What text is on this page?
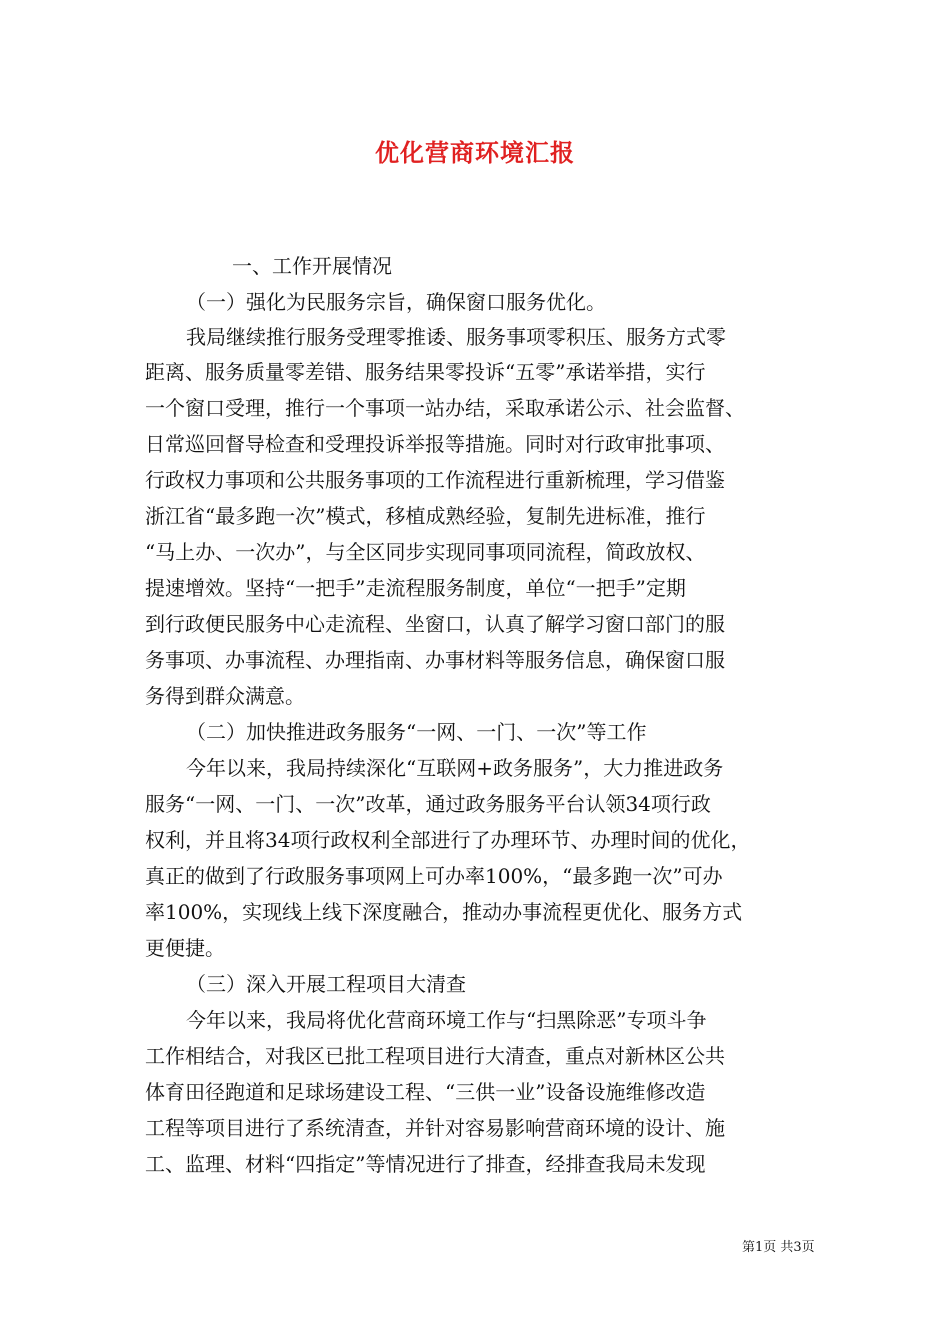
优化营商环境汇报

一、工作开展情况

（一）强化为民服务宗旨，确保窗口服务优化。

我局继续推行服务受理零推诿、服务事项零积压、服务方式零

距离、服务质量零差错、服务结果零投诉“五零”承诺举措，实行

一个窗口受理，推行一个事项一站办结，采取承诺公示、社会监督、

日常巡回督导检查和受理投诉举报等措施。同时对行政审批事项、

行政权力事项和公共服务事项的工作流程进行重新梳理，学习借鉴

浙江省“最多跑一次”模式，移植成熟经验，复制先进标准，推行

“马上办、一次办”，与全区同步实现同事项同流程，简政放权、

提速增效。坚持“一把手”走流程服务制度，单位“一把手”定期

到行政便民服务中心走流程、坐窗口，认真了解学习窗口部门的服

务事项、办事流程、办理指南、办事材料等服务信息，确保窗口服

务得到群众满意。

（二）加快推进政务服务“一网、一门、一次”等工作

今年以来，我局持续深化“互联网+政务服务”，大力推进政务

服务“一网、一门、一次”改革，通过政务服务平台认领34项行政

权利，并且将34项行政权利全部进行了办理环节、办理时间的优化，

真正的做到了行政服务事项网上可办率100%，“最多跑一次”可办

率100%，实现线上线下深度融合，推动办事流程更优化、服务方式

更便捷。

（三）深入开展工程项目大清查

今年以来，我局将优化营商环境工作与“扫黑除恶”专项斗争

工作相结合，对我区已批工程项目进行大清查，重点对新林区公共

体育田径跑道和足球场建设工程、“三供一业”设备设施维修改造

工程等项目进行了系统清查，并针对容易影响营商环境的设计、施

工、监理、材料“四指定”等情况进行了排查，经排查我局未发现

第1页 共3页
